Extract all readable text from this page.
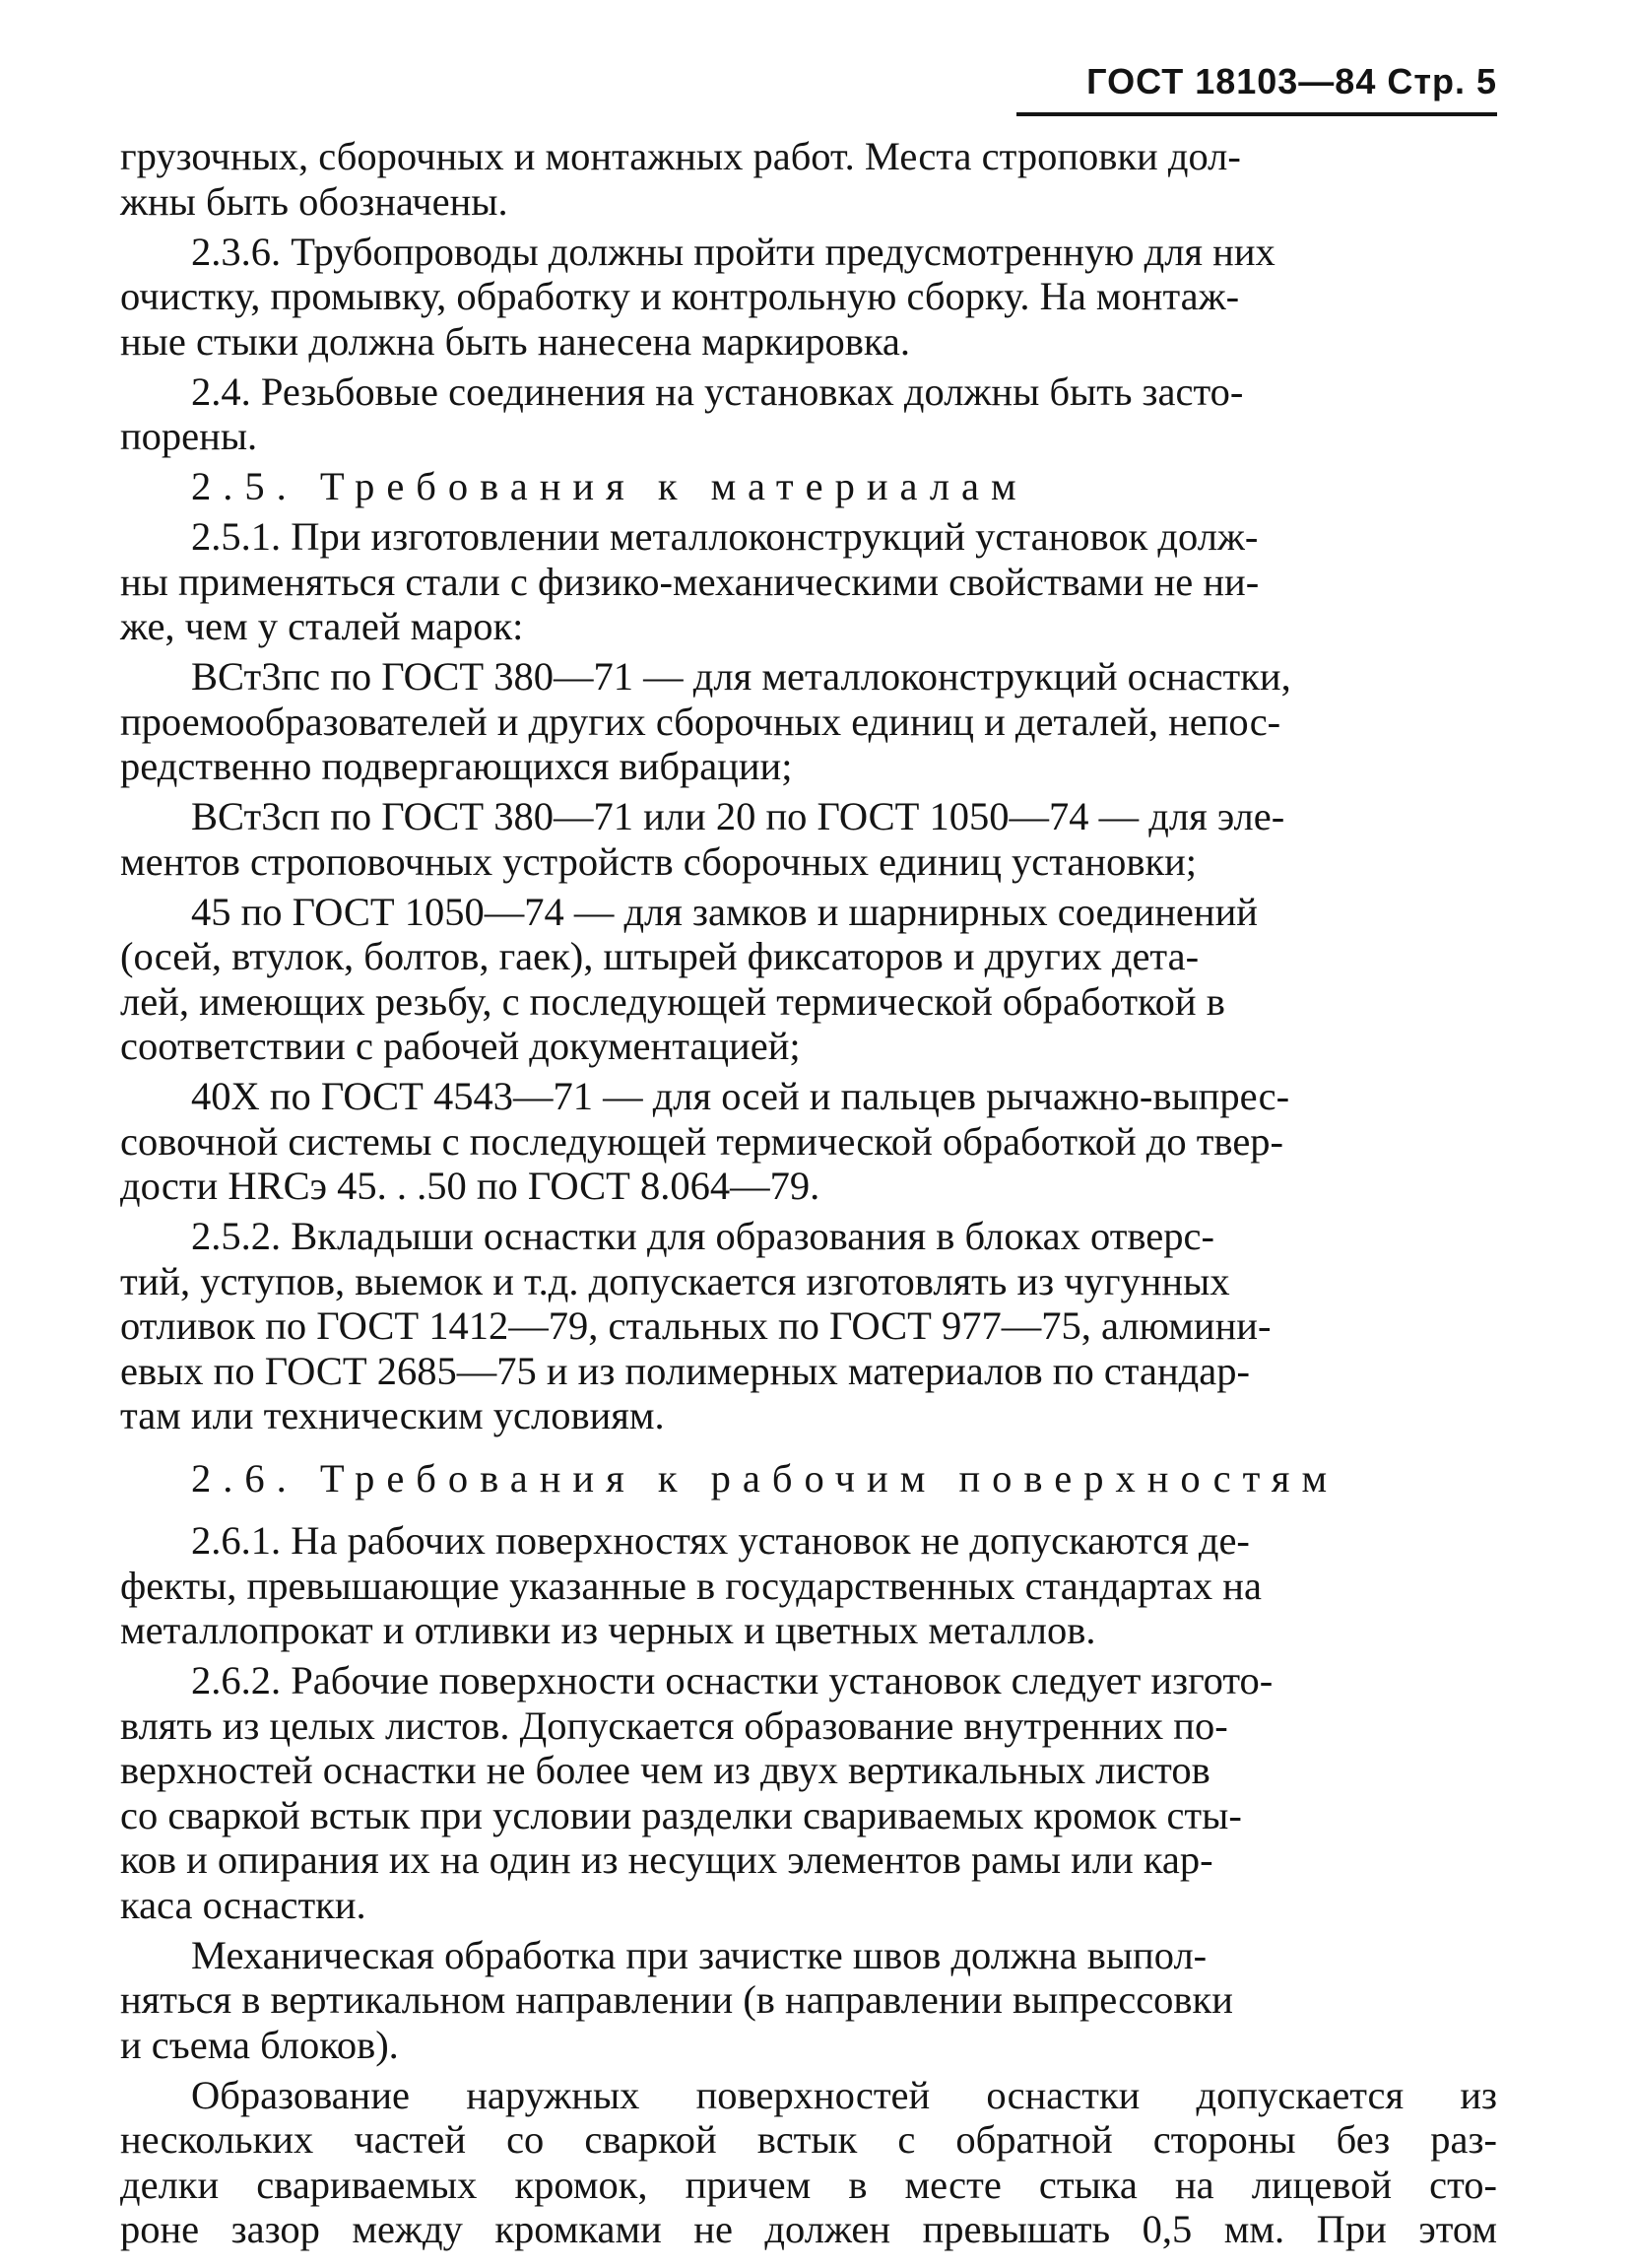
ГОСТ 18103—84 Стр. 5
грузочных, сборочных и монтажных работ. Места строповки дол-
жны быть обозначены.
2.3.6. Трубопроводы должны пройти предусмотренную для них
очистку, промывку, обработку и контрольную сборку. На монтаж-
ные стыки должна быть нанесена маркировка.
2.4. Резьбовые соединения на установках должны быть засто-
порены.
2.5. Требования к материалам
2.5.1. При изготовлении металлоконструкций установок долж-
ны применяться стали с физико-механическими свойствами не ни-
же, чем у сталей марок:
ВСт3пс по ГОСТ 380—71 — для металлоконструкций оснастки,
проемообразователей и других сборочных единиц и деталей, непос-
редственно подвергающихся вибрации;
ВСт3сп по ГОСТ 380—71 или 20 по ГОСТ 1050—74 — для эле-
ментов строповочных устройств сборочных единиц установки;
45 по ГОСТ 1050—74 — для замков и шарнирных соединений
(осей, втулок, болтов, гаек), штырей фиксаторов и других дета-
лей, имеющих резьбу, с последующей термической обработкой в
соответствии с рабочей документацией;
40Х по ГОСТ 4543—71 — для осей и пальцев рычажно-выпрес-
совочной системы с последующей термической обработкой до твер-
дости HRCэ 45. . .50 по ГОСТ 8.064—79.
2.5.2. Вкладыши оснастки для образования в блоках отверс-
тий, уступов, выемок и т.д. допускается изготовлять из чугунных
отливок по ГОСТ 1412—79, стальных по ГОСТ 977—75, алюмини-
евых по ГОСТ 2685—75 и из полимерных материалов по стандар-
там или техническим условиям.
2.6. Требования к рабочим поверхностям
2.6.1. На рабочих поверхностях установок не допускаются де-
фекты, превышающие указанные в государственных стандартах на
металлопрокат и отливки из черных и цветных металлов.
2.6.2. Рабочие поверхности оснастки установок следует изгото-
влять из целых листов. Допускается образование внутренних по-
верхностей оснастки не более чем из двух вертикальных листов
со сваркой встык при условии разделки свариваемых кромок сты-
ков и опирания их на один из несущих элементов рамы или кар-
каса оснастки.
Механическая обработка при зачистке швов должна выпол-
няться в вертикальном направлении (в направлении выпрессовки
и съема блоков).
Образование наружных поверхностей оснастки допускается из
нескольких частей со сваркой встык с обратной стороны без раз-
делки свариваемых кромок, причем в месте стыка на лицевой сто-
роне зазор между кромками не должен превышать 0,5 мм. При этом
